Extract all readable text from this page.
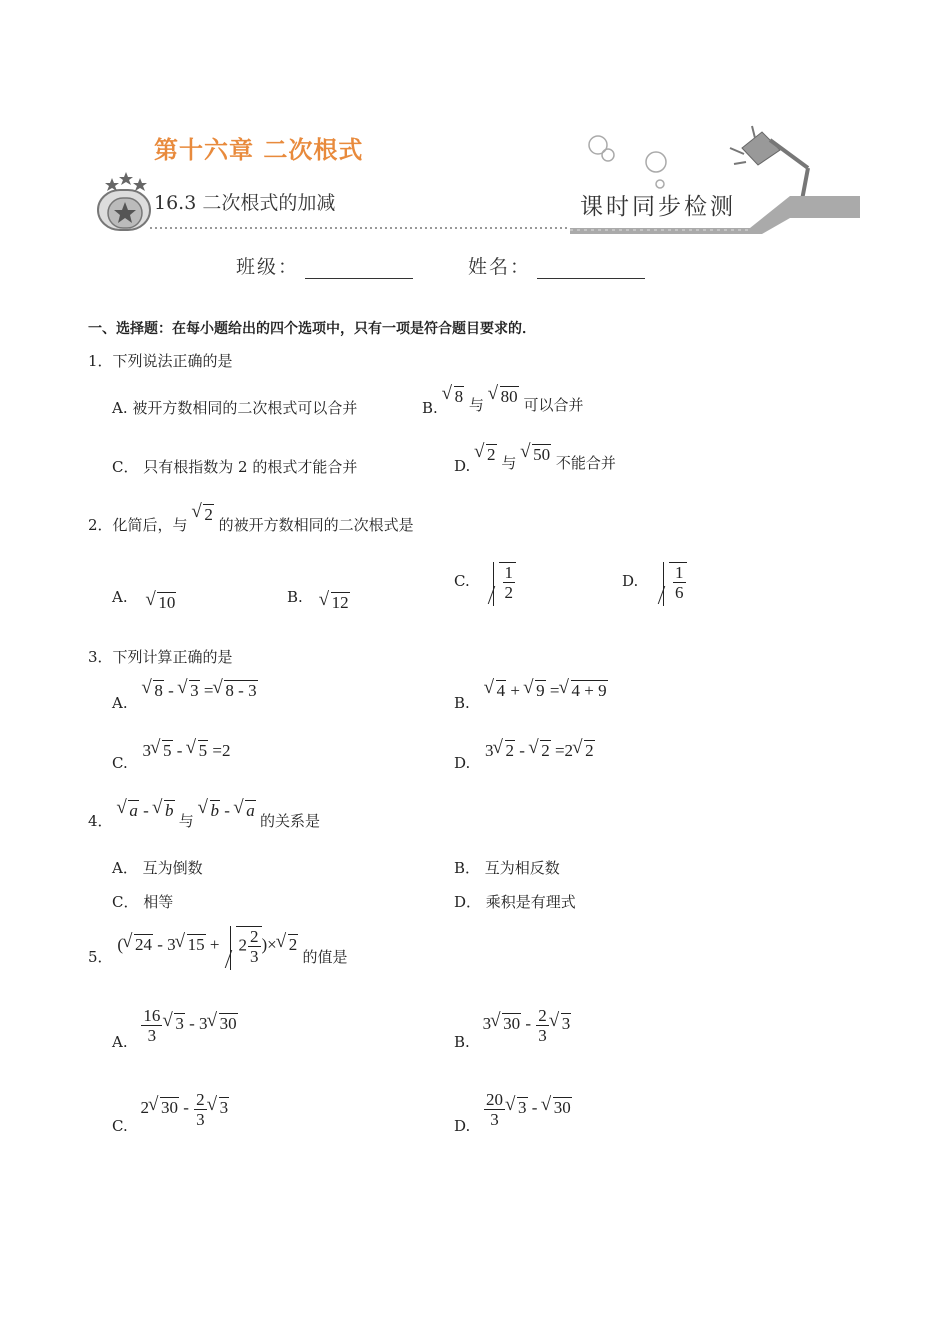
第十六章 二次根式
16.3 二次根式的加减	课时同步检测
班级：	姓名：
一、选择题：在每小题给出的四个选项中，只有一项是符合题目要求的．
1．下列说法正确的是
A. 被开方数相同的二次根式可以合并	B. √ 8 与 √ 80 可以合并
C． 只有根指数为 2 的根式才能合并	D. √ 2 与 √ 50 不能合并
2．化简后，与 √ 2 的被开方数相同的二次根式是
A. √ 10	B. √ 12
C. $\frac{1}{2}$	D. $\frac{1}{6}$
3．下列计算正确的是
A. √ 8 - √ 3 = √ 8 - 3
B. √ 4 + √ 9 = √ 4 + 9
C. 3 √ 5 - √ 5 =2
D. 3 √ 2 - √ 2 =2 √ 2
4． √ a - √ b 与 √ b - √ a 的关系是
A． 互为倒数	B． 互为相反数
C． 相等	D． 乘积是有理式
5． ( √ 24 - 3 √ $15 + 2 \frac{2}{3}$ )× √ 2 的值是
A. $\frac{16}{3}$ √ 3 - 3 √ 30
B. 3 √ $30 - \frac{2}{3}$ √ 3
C. 2 √ $30 - \frac{2}{3}$ √ 3
D. $\frac{20}{3}$ √ 3 - √ 30
